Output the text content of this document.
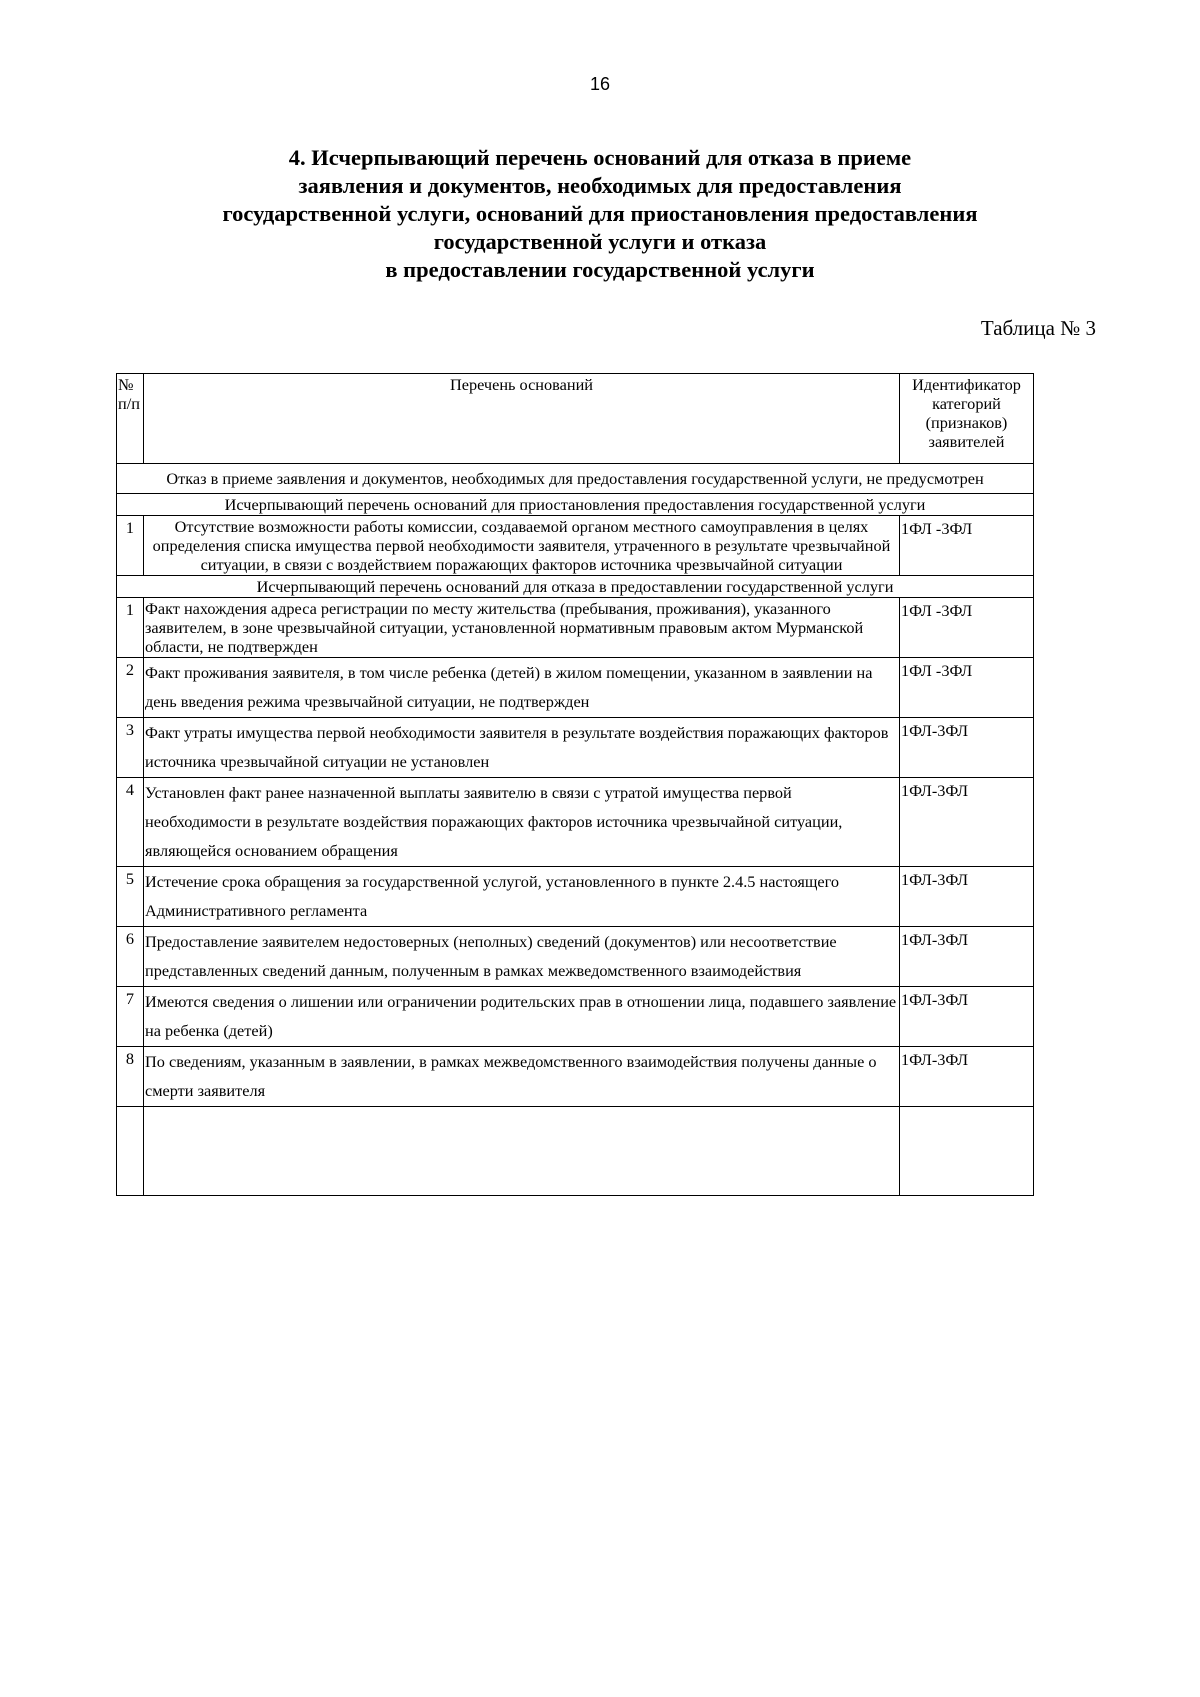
16
4. Исчерпывающий перечень оснований для отказа в приеме
заявления и документов, необходимых для предоставления
государственной услуги, оснований для приостановления предоставления
государственной услуги и отказа
в предоставлении государственной услуги
Таблица № 3
№ п/п	Перечень оснований	Идентификатор категорий (признаков) заявителей
Отказ в приеме заявления и документов, необходимых для предоставления государственной услуги, не предусмотрен		
Исчерпывающий перечень оснований для приостановления предоставления государственной услуги		
1	Отсутствие возможности работы комиссии, создаваемой органом местного самоуправления в целях определения списка имущества первой необходимости заявителя, утраченного в результате чрезвычайной ситуации, в связи с воздействием поражающих факторов источника чрезвычайной ситуации	1ФЛ -3ФЛ
Исчерпывающий перечень оснований для отказа в предоставлении государственной услуги		
1	Факт нахождения адреса регистрации по месту жительства (пребывания, проживания), указанного заявителем, в зоне чрезвычайной ситуации, установленной нормативным правовым актом Мурманской области, не подтвержден	1ФЛ -3ФЛ
2	Факт проживания заявителя, в том числе ребенка (детей) в жилом помещении, указанном в заявлении на день введения режима чрезвычайной ситуации, не подтвержден	1ФЛ -3ФЛ
3	Факт утраты имущества первой необходимости заявителя в результате воздействия поражающих факторов источника чрезвычайной ситуации не установлен	1ФЛ-3ФЛ
4	Установлен факт ранее назначенной выплаты заявителю в связи с утратой имущества первой необходимости в результате воздействия поражающих факторов источника чрезвычайной ситуации, являющейся основанием обращения	1ФЛ-3ФЛ
5	Истечение срока обращения за государственной услугой, установленного в пункте 2.4.5 настоящего Административного регламента	1ФЛ-3ФЛ
6	Предоставление заявителем недостоверных (неполных) сведений (документов) или несоответствие представленных сведений данным, полученным в рамках межведомственного взаимодействия	1ФЛ-3ФЛ
7	Имеются сведения о лишении или ограничении родительских прав в отношении лица, подавшего заявление на ребенка (детей)	1ФЛ-3ФЛ
8	По сведениям, указанным в заявлении, в рамках межведомственного взаимодействия получены данные о смерти заявителя	1ФЛ-3ФЛ
